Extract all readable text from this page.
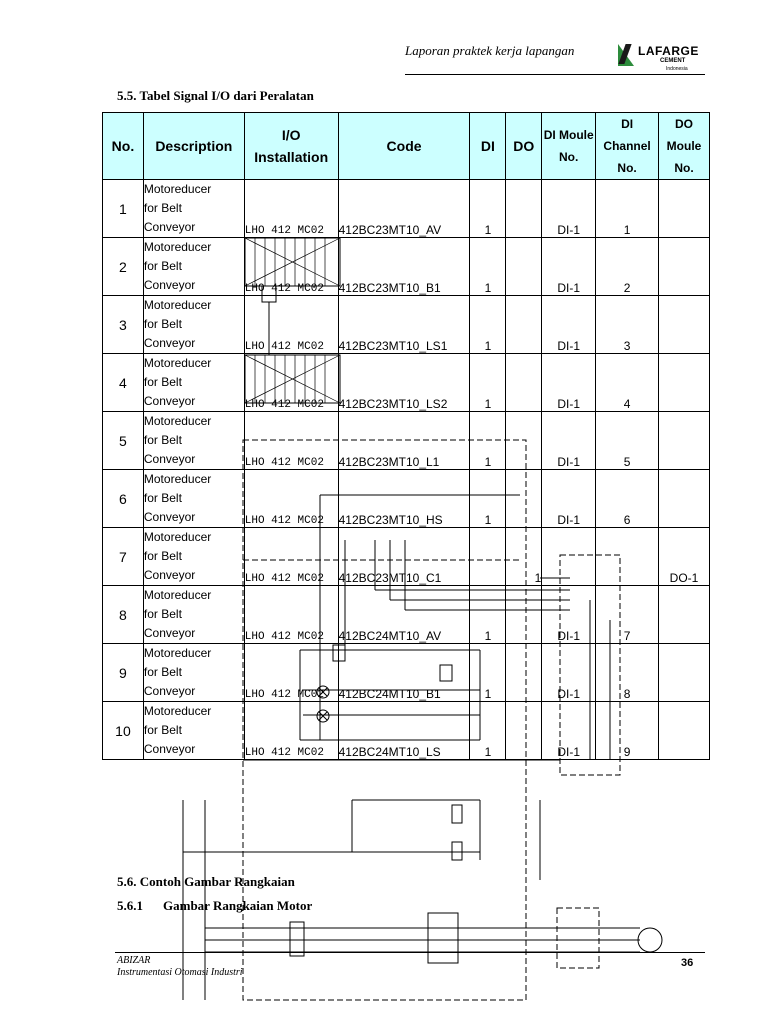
Laporan praktek kerja lapangan	LAFARGE
CEMENT
Indonesia
5.5. Tabel Signal I/O dari Peralatan
No.	Description	I/O Installation	Code	DI	DO	DI Moule No.	DI Channel No.	DO Moule No.
1	Motoreducer
for Belt
Conveyor	LHO 412 MC02	412BC23MT10_AV	1		DI-1	1	
2	Motoreducer
for Belt
Conveyor	LHO 412 MC02	412BC23MT10_B1	1		DI-1	2	
3	Motoreducer
for Belt
Conveyor	LHO 412 MC02	412BC23MT10_LS1	1		DI-1	3	
4	Motoreducer
for Belt
Conveyor	LHO 412 MC02	412BC23MT10_LS2	1		DI-1	4	
5	Motoreducer
for Belt
Conveyor	LHO 412 MC02	412BC23MT10_L1	1		DI-1	5	
6	Motoreducer
for Belt
Conveyor	LHO 412 MC02	412BC23MT10_HS	1		DI-1	6	
7	Motoreducer
for Belt
Conveyor	LHO 412 MC02	412BC23MT10_C1		1			DO-1
8	Motoreducer
for Belt
Conveyor	LHO 412 MC02	412BC24MT10_AV	1		DI-1	7	
9	Motoreducer
for Belt
Conveyor	LHO 412 MC02	412BC24MT10_B1	1		DI-1	8	
10	Motoreducer
for Belt
Conveyor	LHO 412 MC02	412BC24MT10_LS	1		DI-1	9	
5.6. Contoh Gambar Rangkaian
5.6.1 Gambar Rangkaian Motor
ABIZAR
Instrumentasi Otomasi Industri
36
